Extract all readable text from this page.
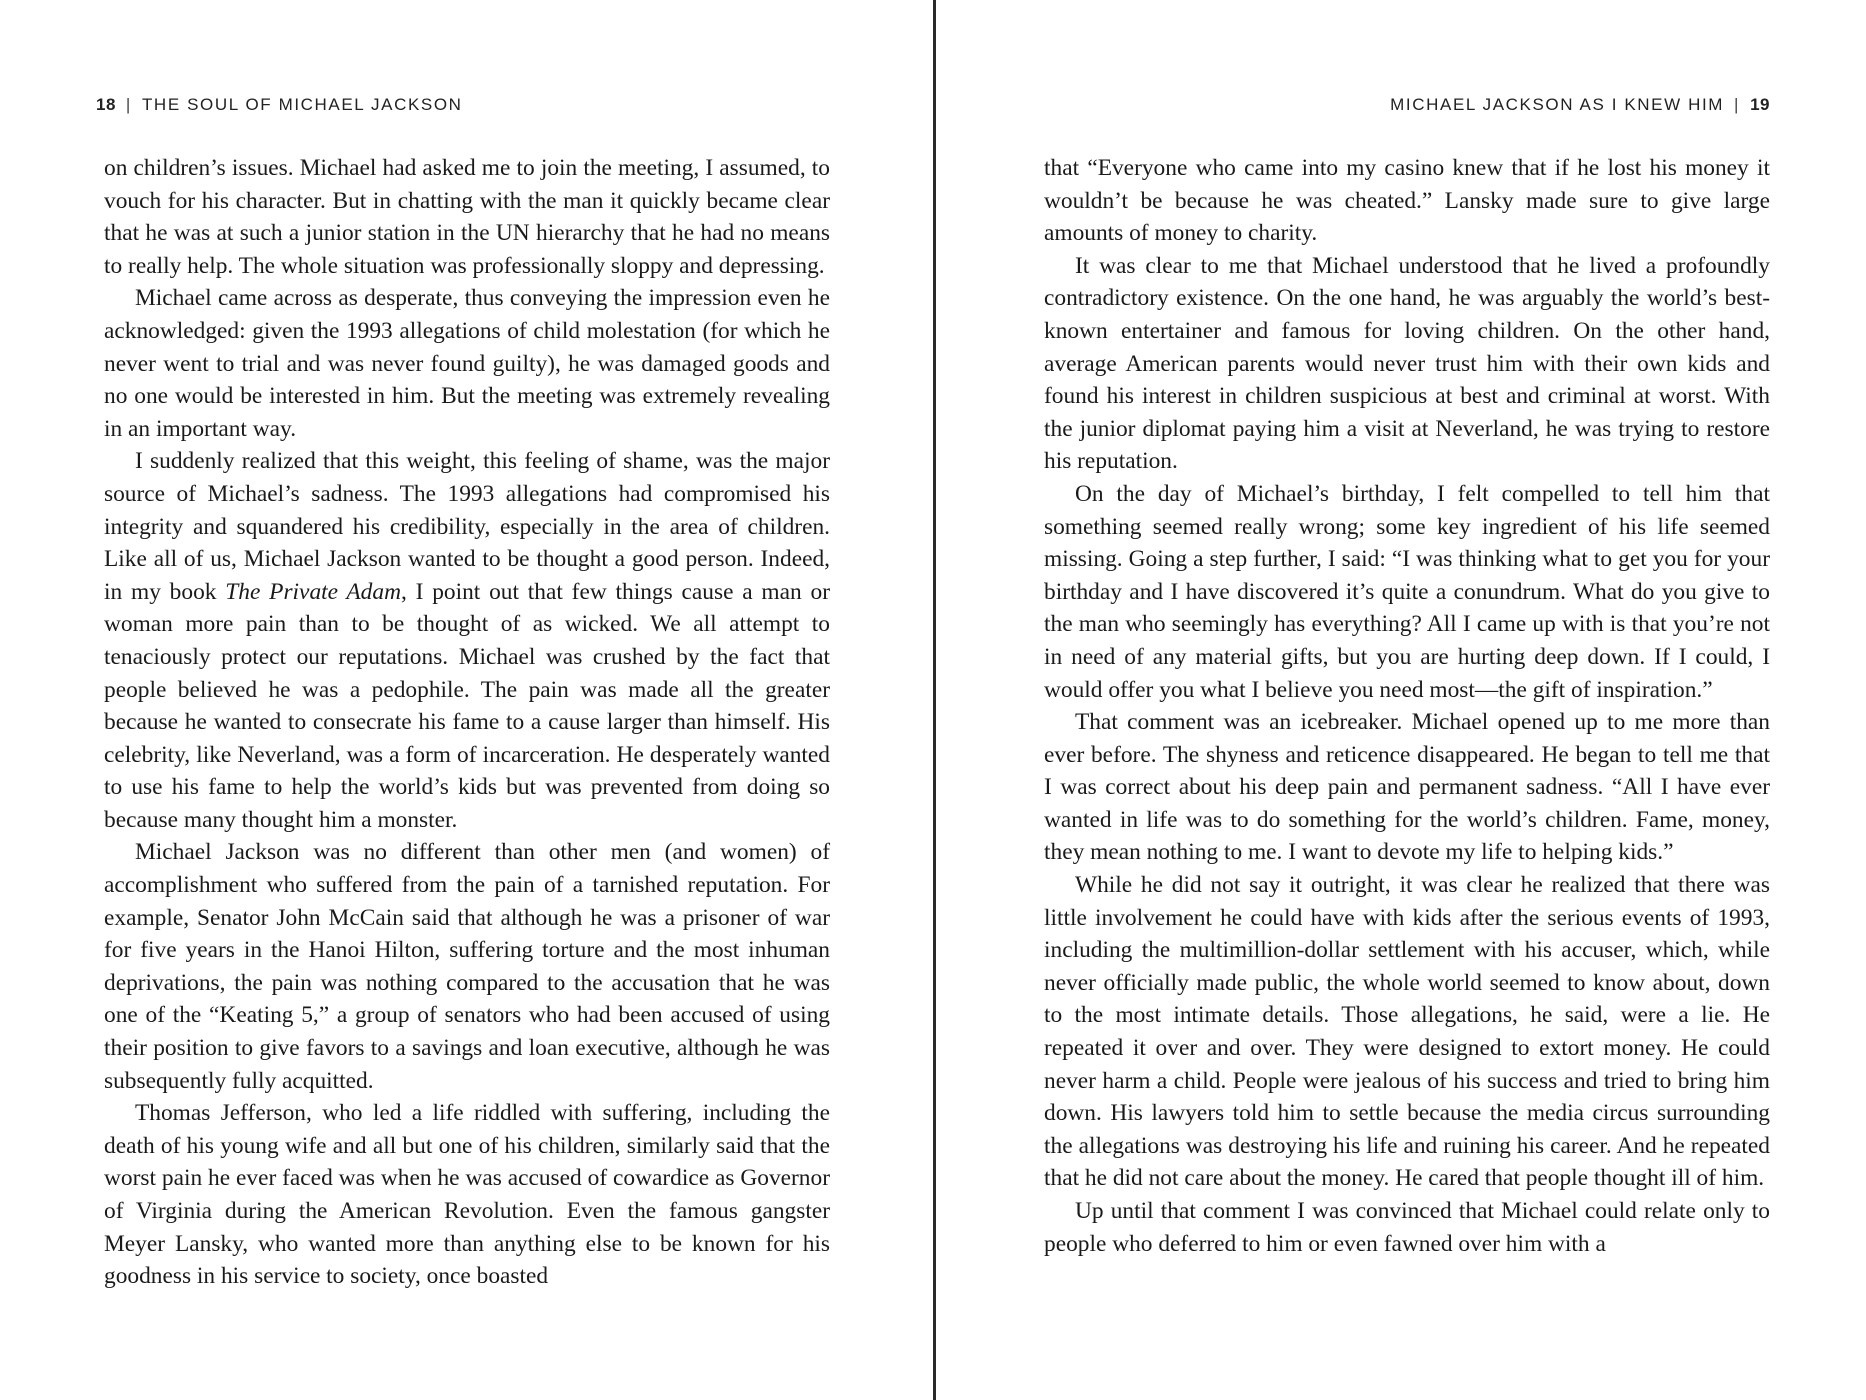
18 | THE SOUL OF MICHAEL JACKSON

on children’s issues. Michael had asked me to join the meeting, I assumed, to vouch for his character. But in chatting with the man it quickly became clear that he was at such a junior station in the UN hierarchy that he had no means to really help. The whole situation was professionally sloppy and depressing.

Michael came across as desperate, thus conveying the impression even he acknowledged: given the 1993 allegations of child molestation (for which he never went to trial and was never found guilty), he was damaged goods and no one would be interested in him. But the meeting was extremely revealing in an important way.

I suddenly realized that this weight, this feeling of shame, was the major source of Michael’s sadness. The 1993 allegations had compromised his integrity and squandered his credibility, especially in the area of children. Like all of us, Michael Jackson wanted to be thought a good person. Indeed, in my book The Private Adam, I point out that few things cause a man or woman more pain than to be thought of as wicked. We all attempt to tenaciously protect our reputations. Michael was crushed by the fact that people believed he was a pedophile. The pain was made all the greater because he wanted to consecrate his fame to a cause larger than himself. His celebrity, like Neverland, was a form of incarceration. He desperately wanted to use his fame to help the world’s kids but was prevented from doing so because many thought him a monster.

Michael Jackson was no different than other men (and women) of accomplishment who suffered from the pain of a tarnished reputation. For example, Senator John McCain said that although he was a prisoner of war for five years in the Hanoi Hilton, suffering torture and the most inhuman deprivations, the pain was nothing compared to the accusation that he was one of the “Keating 5,” a group of senators who had been accused of using their position to give favors to a savings and loan executive, although he was subsequently fully acquitted.

Thomas Jefferson, who led a life riddled with suffering, including the death of his young wife and all but one of his children, similarly said that the worst pain he ever faced was when he was accused of cowardice as Governor of Virginia during the American Revolution. Even the famous gangster Meyer Lansky, who wanted more than anything else to be known for his goodness in his service to society, once boasted

MICHAEL JACKSON AS I KNEW HIM | 19

that “Everyone who came into my casino knew that if he lost his money it wouldn’t be because he was cheated.” Lansky made sure to give large amounts of money to charity.

It was clear to me that Michael understood that he lived a profoundly contradictory existence. On the one hand, he was arguably the world’s best-known entertainer and famous for loving children. On the other hand, average American parents would never trust him with their own kids and found his interest in children suspicious at best and criminal at worst. With the junior diplomat paying him a visit at Neverland, he was trying to restore his reputation.

On the day of Michael’s birthday, I felt compelled to tell him that something seemed really wrong; some key ingredient of his life seemed missing. Going a step further, I said: “I was thinking what to get you for your birthday and I have discovered it’s quite a conundrum. What do you give to the man who seemingly has everything? All I came up with is that you’re not in need of any material gifts, but you are hurting deep down. If I could, I would offer you what I believe you need most—the gift of inspiration.”

That comment was an icebreaker. Michael opened up to me more than ever before. The shyness and reticence disappeared. He began to tell me that I was correct about his deep pain and permanent sadness. “All I have ever wanted in life was to do something for the world’s children. Fame, money, they mean nothing to me. I want to devote my life to helping kids.”

While he did not say it outright, it was clear he realized that there was little involvement he could have with kids after the serious events of 1993, including the multimillion-dollar settlement with his accuser, which, while never officially made public, the whole world seemed to know about, down to the most intimate details. Those allegations, he said, were a lie. He repeated it over and over. They were designed to extort money. He could never harm a child. People were jealous of his success and tried to bring him down. His lawyers told him to settle because the media circus surrounding the allegations was destroying his life and ruining his career. And he repeated that he did not care about the money. He cared that people thought ill of him.

Up until that comment I was convinced that Michael could relate only to people who deferred to him or even fawned over him with a
